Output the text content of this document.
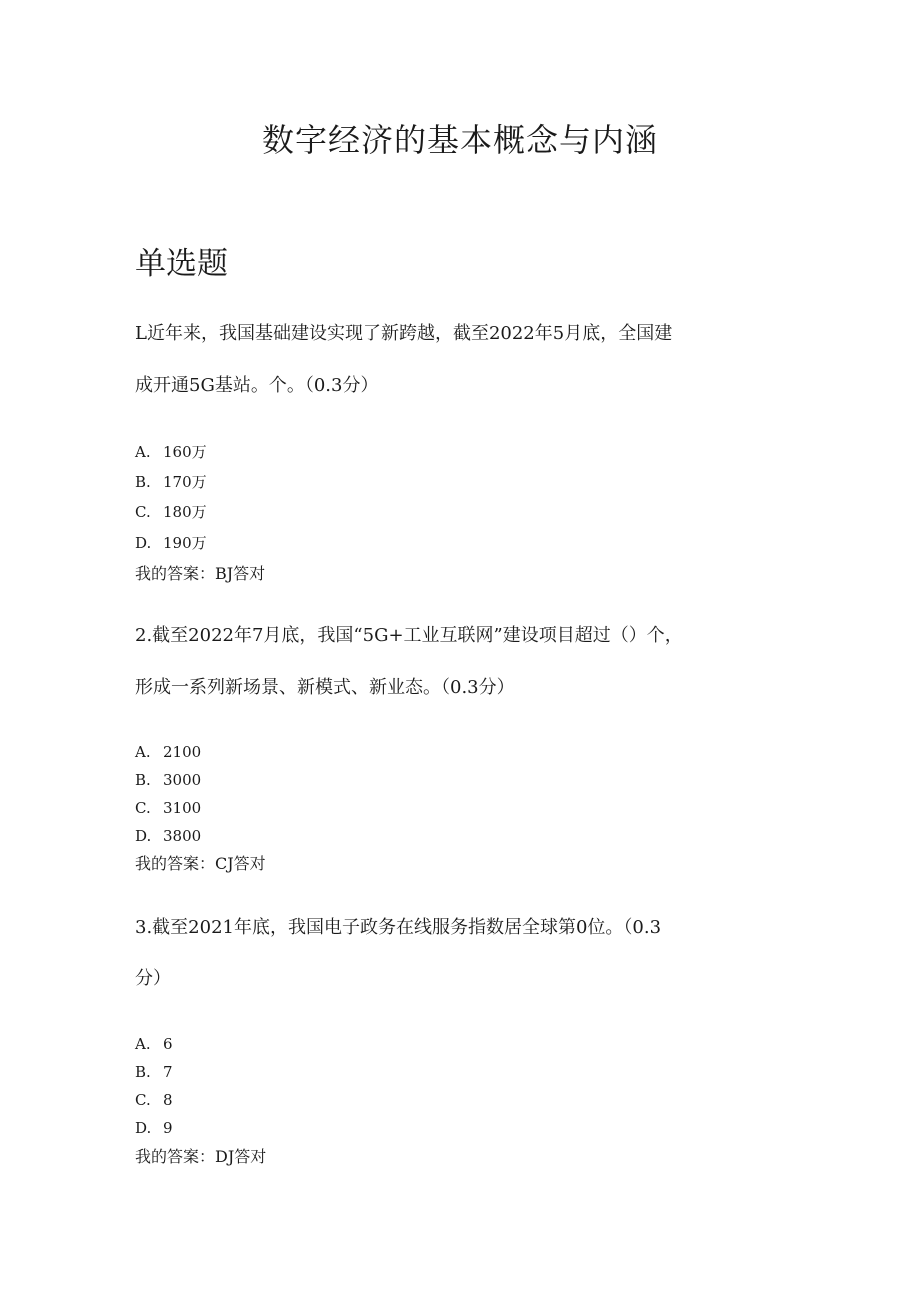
数字经济的基本概念与内涵
单选题
L近年来，我国基础建设实现了新跨越，截至2022年5月底，全国建
成开通5G基站。个。（0.3分）
A. 160万
B. 170万
C. 180万
D. 190万
我的答案：BJ答对
2.截至2022年7月底，我国“5G+工业互联网”建设项目超过（）个，
形成一系列新场景、新模式、新业态。（0.3分）
A. 2100
B. 3000
C. 3100
D. 3800
我的答案：CJ答对
3.截至2021年底，我国电子政务在线服务指数居全球第0位。（0.3
分）
A. 6
B. 7
C. 8
D. 9
我的答案：DJ答对
